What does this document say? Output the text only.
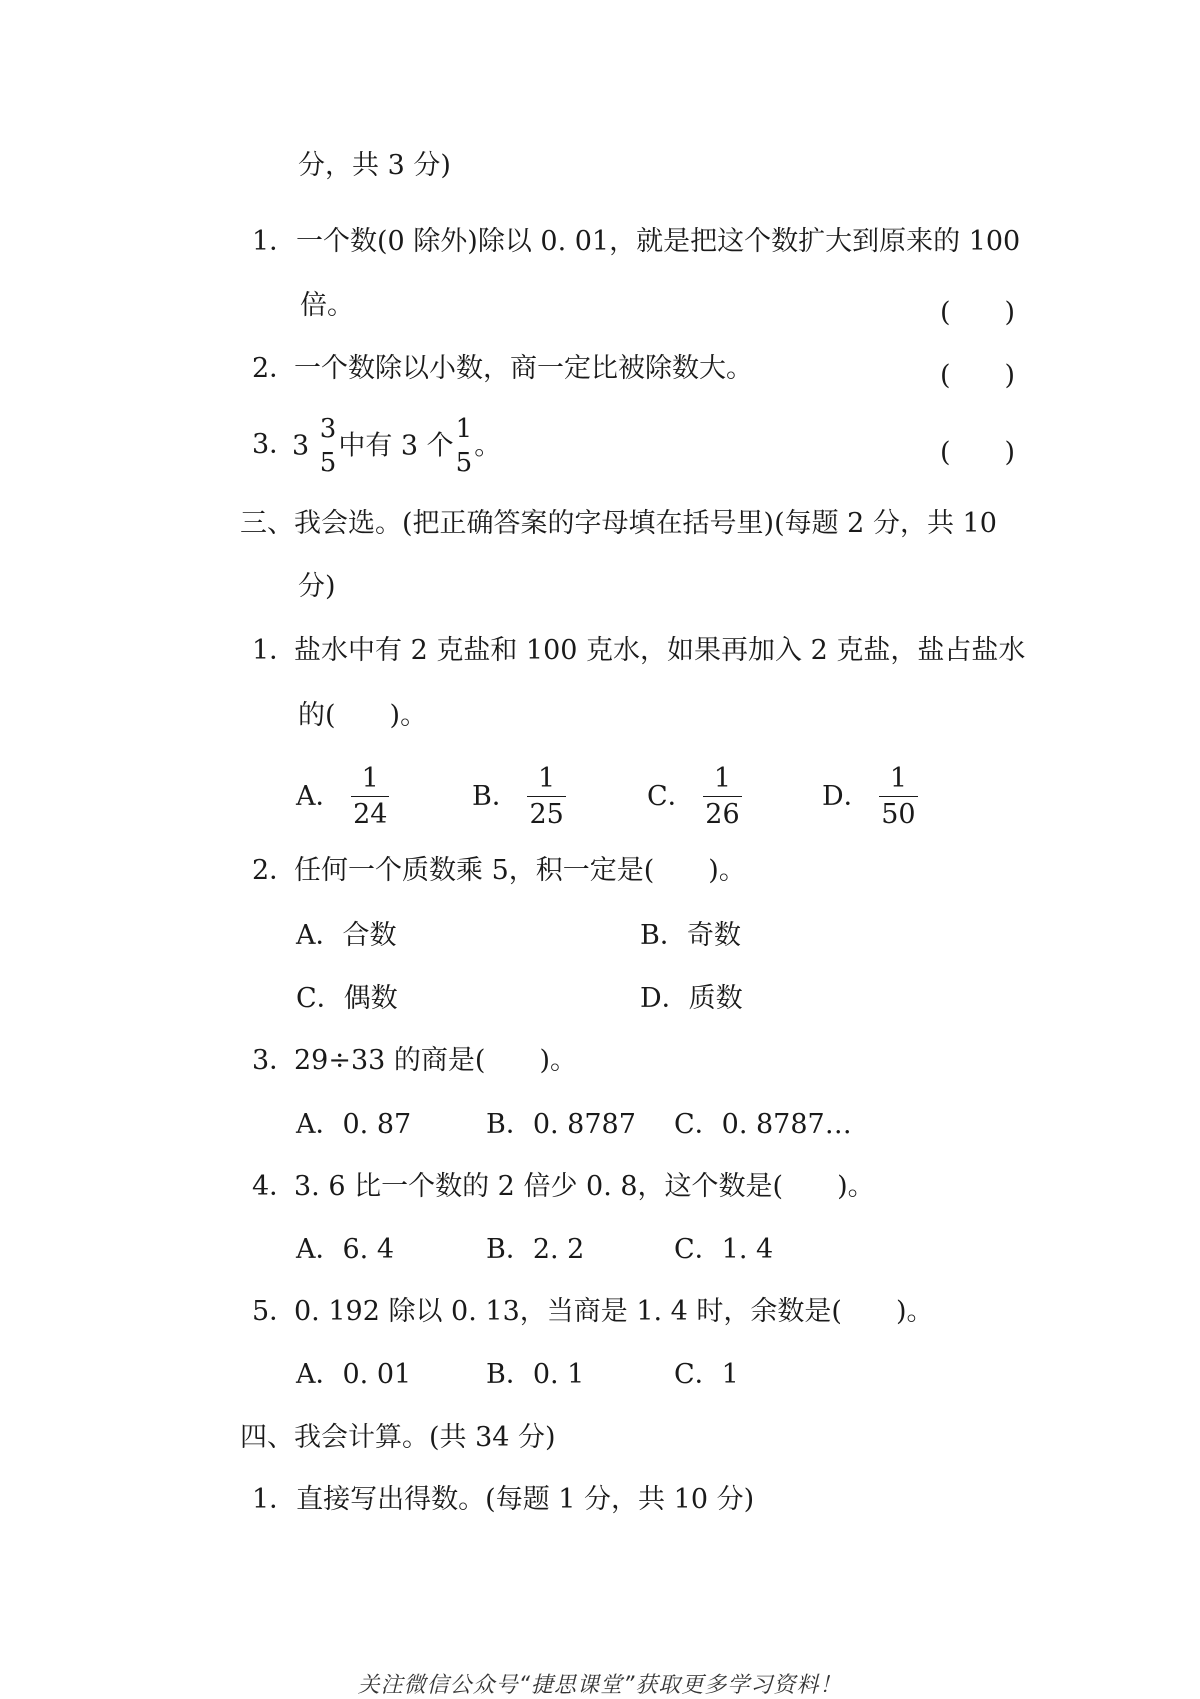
分，共 3 分)
1． 一个数(0 除外)除以 0. 01，就是把这个数扩大到原来的 100
倍。	(　　)
2．
一个数除以小数，商一定比被除数大。	(　　)
3．
3
3
5
中有 3 个
1
5
。	(　　)
三、我会选。(把正确答案的字母填在括号里)(每题 2 分，共 10
分)
1．
盐水中有 2 克盐和 100 克水，如果再加入 2 克盐，盐占盐水
的(　　)。
A． $\frac{1}{24}$	B． $\frac{1}{25}$	C． $\frac{1}{26}$	D． $\frac{1}{50}$
2．
任何一个质数乘 5，积一定是(　　)。
A．合数	B．奇数
C．偶数	D．质数
3．
29÷33 的商是(　　)。
A．0. 87	B．0. 8787 C．0. 8787…
4．
3. 6 比一个数的 2 倍少 0. 8，这个数是(　　)。
A．6. 4	B．2. 2	C．1. 4
5．
0. 192 除以 0. 13，当商是 1. 4 时，余数是(　　)。
A．0. 01	B．0. 1	C．1
四、我会计算。(共 34 分)
1．直接写出得数。(每题 1 分，共 10 分)
关注微信公众号“捷思课堂”获取更多学习资料！
